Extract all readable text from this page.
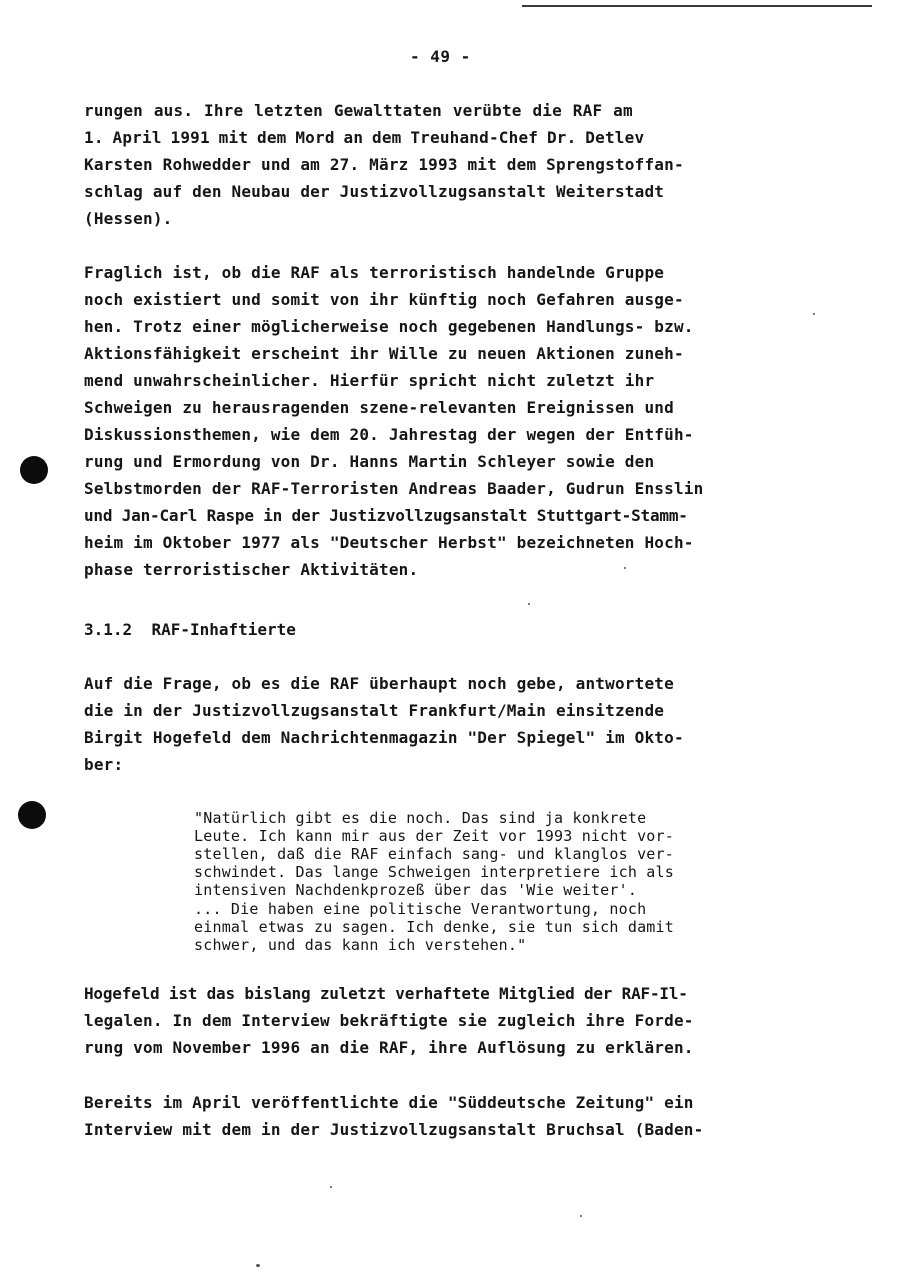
- 49 -
rungen aus. Ihre letzten Gewalttaten verübte die RAF am
1. April 1991 mit dem Mord an dem Treuhand-Chef Dr. Detlev
Karsten Rohwedder und am 27. März 1993 mit dem Sprengstoffan-
schlag auf den Neubau der Justizvollzugsanstalt Weiterstadt
(Hessen).
Fraglich ist, ob die RAF als terroristisch handelnde Gruppe
noch existiert und somit von ihr künftig noch Gefahren ausge-
hen. Trotz einer möglicherweise noch gegebenen Handlungs- bzw.
Aktionsfähigkeit erscheint ihr Wille zu neuen Aktionen zuneh-
mend unwahrscheinlicher. Hierfür spricht nicht zuletzt ihr
Schweigen zu herausragenden szene-relevanten Ereignissen und
Diskussionsthemen, wie dem 20. Jahrestag der wegen der Entfüh-
rung und Ermordung von Dr. Hanns Martin Schleyer sowie den
Selbstmorden der RAF-Terroristen Andreas Baader, Gudrun Ensslin
und Jan-Carl Raspe in der Justizvollzugsanstalt Stuttgart-Stamm-
heim im Oktober 1977 als "Deutscher Herbst" bezeichneten Hoch-
phase terroristischer Aktivitäten.
3.1.2 RAF-Inhaftierte
Auf die Frage, ob es die RAF überhaupt noch gebe, antwortete
die in der Justizvollzugsanstalt Frankfurt/Main einsitzende
Birgit Hogefeld dem Nachrichtenmagazin "Der Spiegel" im Okto-
ber:
"Natürlich gibt es die noch. Das sind ja konkrete
Leute. Ich kann mir aus der Zeit vor 1993 nicht vor-
stellen, daß die RAF einfach sang- und klanglos ver-
schwindet. Das lange Schweigen interpretiere ich als
intensiven Nachdenkprozeß über das 'Wie weiter'.
... Die haben eine politische Verantwortung, noch
einmal etwas zu sagen. Ich denke, sie tun sich damit
schwer, und das kann ich verstehen."
Hogefeld ist das bislang zuletzt verhaftete Mitglied der RAF-Il-
legalen. In dem Interview bekräftigte sie zugleich ihre Forde-
rung vom November 1996 an die RAF, ihre Auflösung zu erklären.
Bereits im April veröffentlichte die "Süddeutsche Zeitung" ein
Interview mit dem in der Justizvollzugsanstalt Bruchsal (Baden-
